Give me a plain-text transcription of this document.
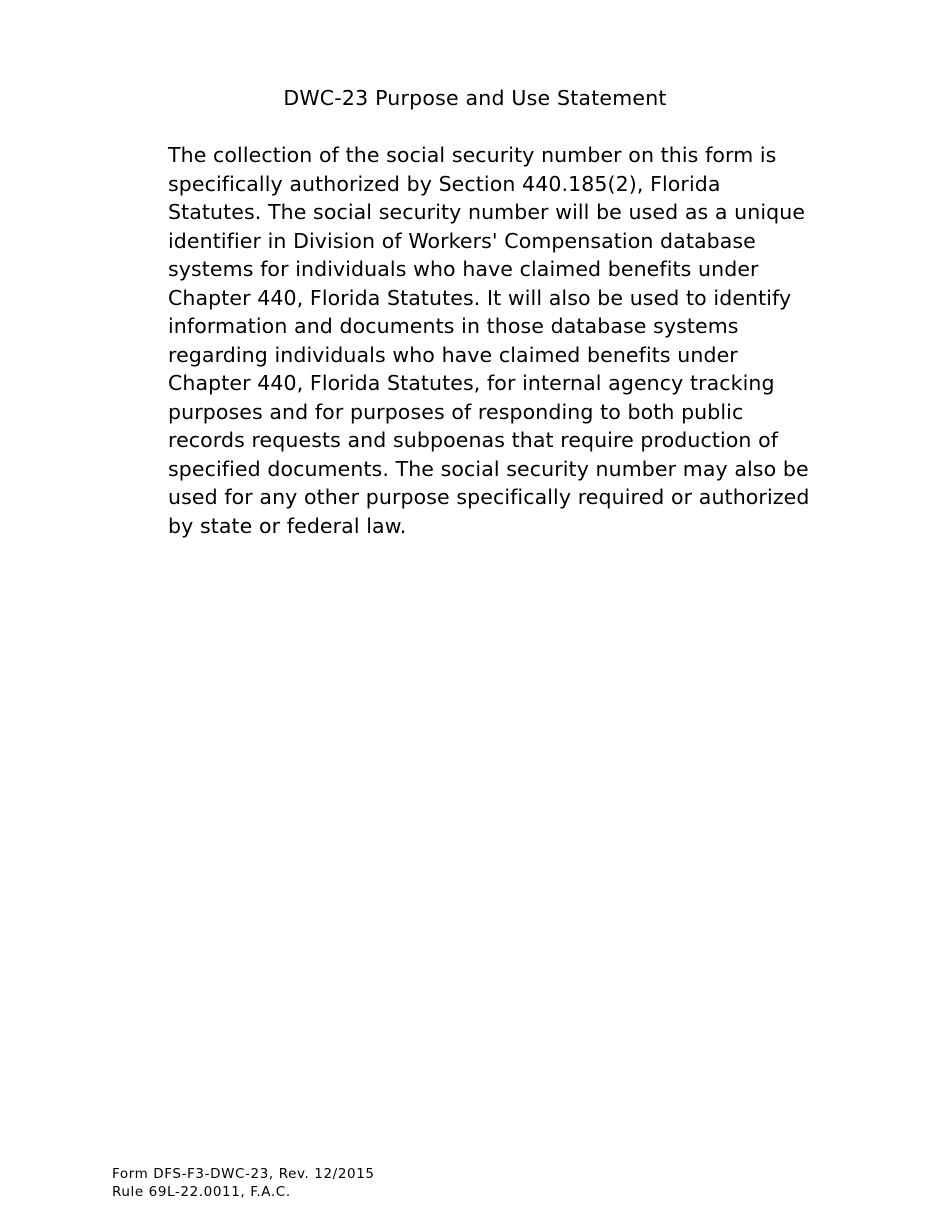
DWC-23 Purpose and Use Statement
The collection of the social security number on this form is
specifically authorized by Section 440.185(2), Florida
Statutes. The social security number will be used as a unique
identifier in Division of Workers' Compensation database
systems for individuals who have claimed benefits under
Chapter 440, Florida Statutes. It will also be used to identify
information and documents in those database systems
regarding individuals who have claimed benefits under
Chapter 440, Florida Statutes, for internal agency tracking
purposes and for purposes of responding to both public
records requests and subpoenas that require production of
specified documents. The social security number may also be
used for any other purpose specifically required or authorized
by state or federal law.
Form DFS-F3-DWC-23, Rev. 12/2015
Rule 69L-22.0011, F.A.C.
